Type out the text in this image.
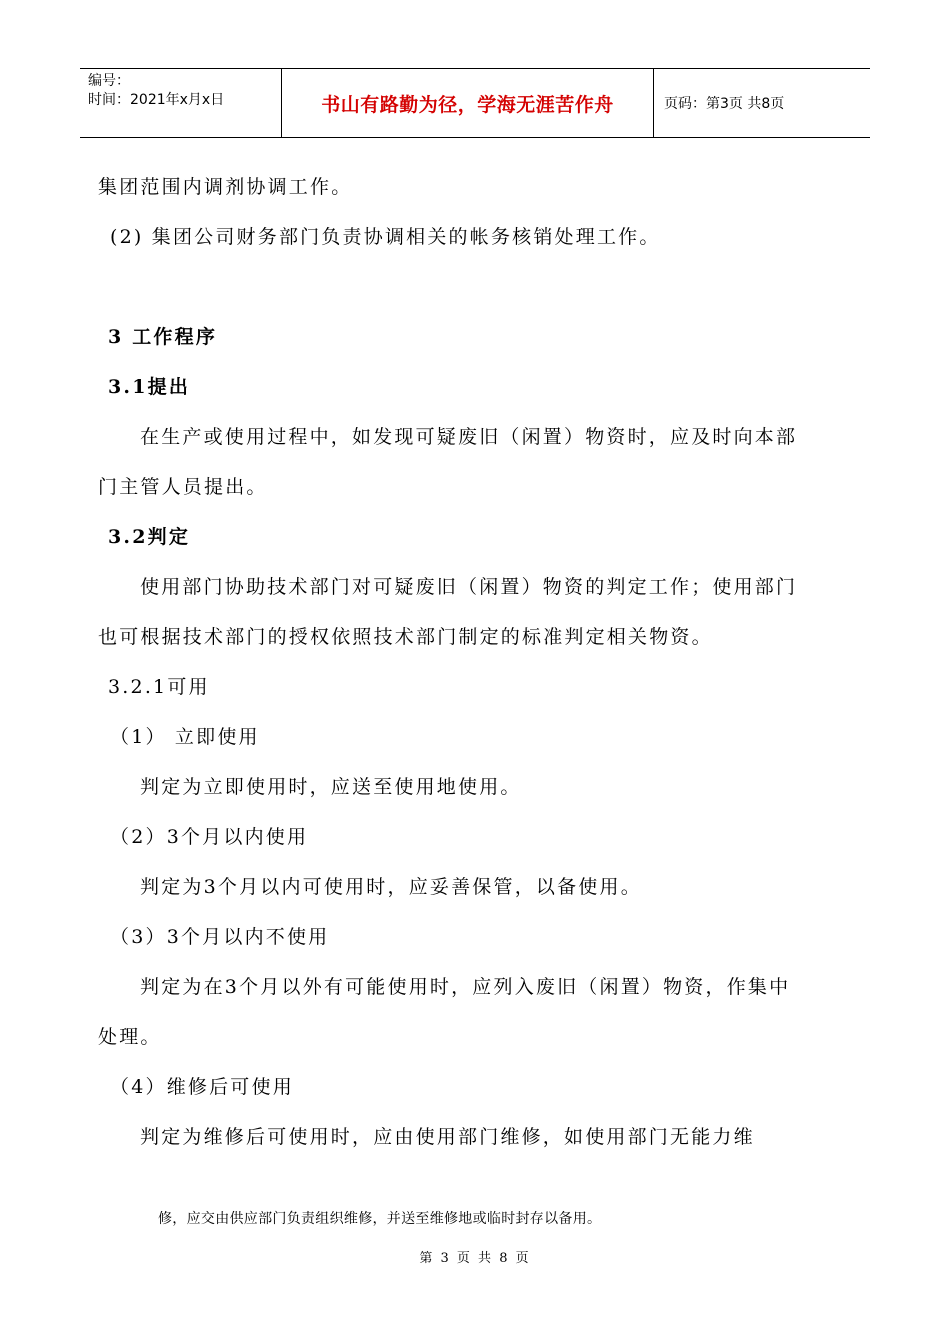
编号：
时间：2021年x月x日	书山有路勤为径，学海无涯苦作舟	页码：第3页 共8页
集团范围内调剂协调工作。
(2) 集团公司财务部门负责协调相关的帐务核销处理工作。
3 工作程序
3.1提出
在生产或使用过程中，如发现可疑废旧（闲置）物资时，应及时向本部
门主管人员提出。
3.2判定
使用部门协助技术部门对可疑废旧（闲置）物资的判定工作；使用部门
也可根据技术部门的授权依照技术部门制定的标准判定相关物资。
3.2.1可用
（1） 立即使用
判定为立即使用时，应送至使用地使用。
（2）3个月以内使用
判定为3个月以内可使用时，应妥善保管，以备使用。
（3）3个月以内不使用
判定为在3个月以外有可能使用时，应列入废旧（闲置）物资，作集中
处理。
（4）维修后可使用
判定为维修后可使用时，应由使用部门维修，如使用部门无能力维
修，应交由供应部门负责组织维修，并送至维修地或临时封存以备用。
第 3 页 共 8 页
